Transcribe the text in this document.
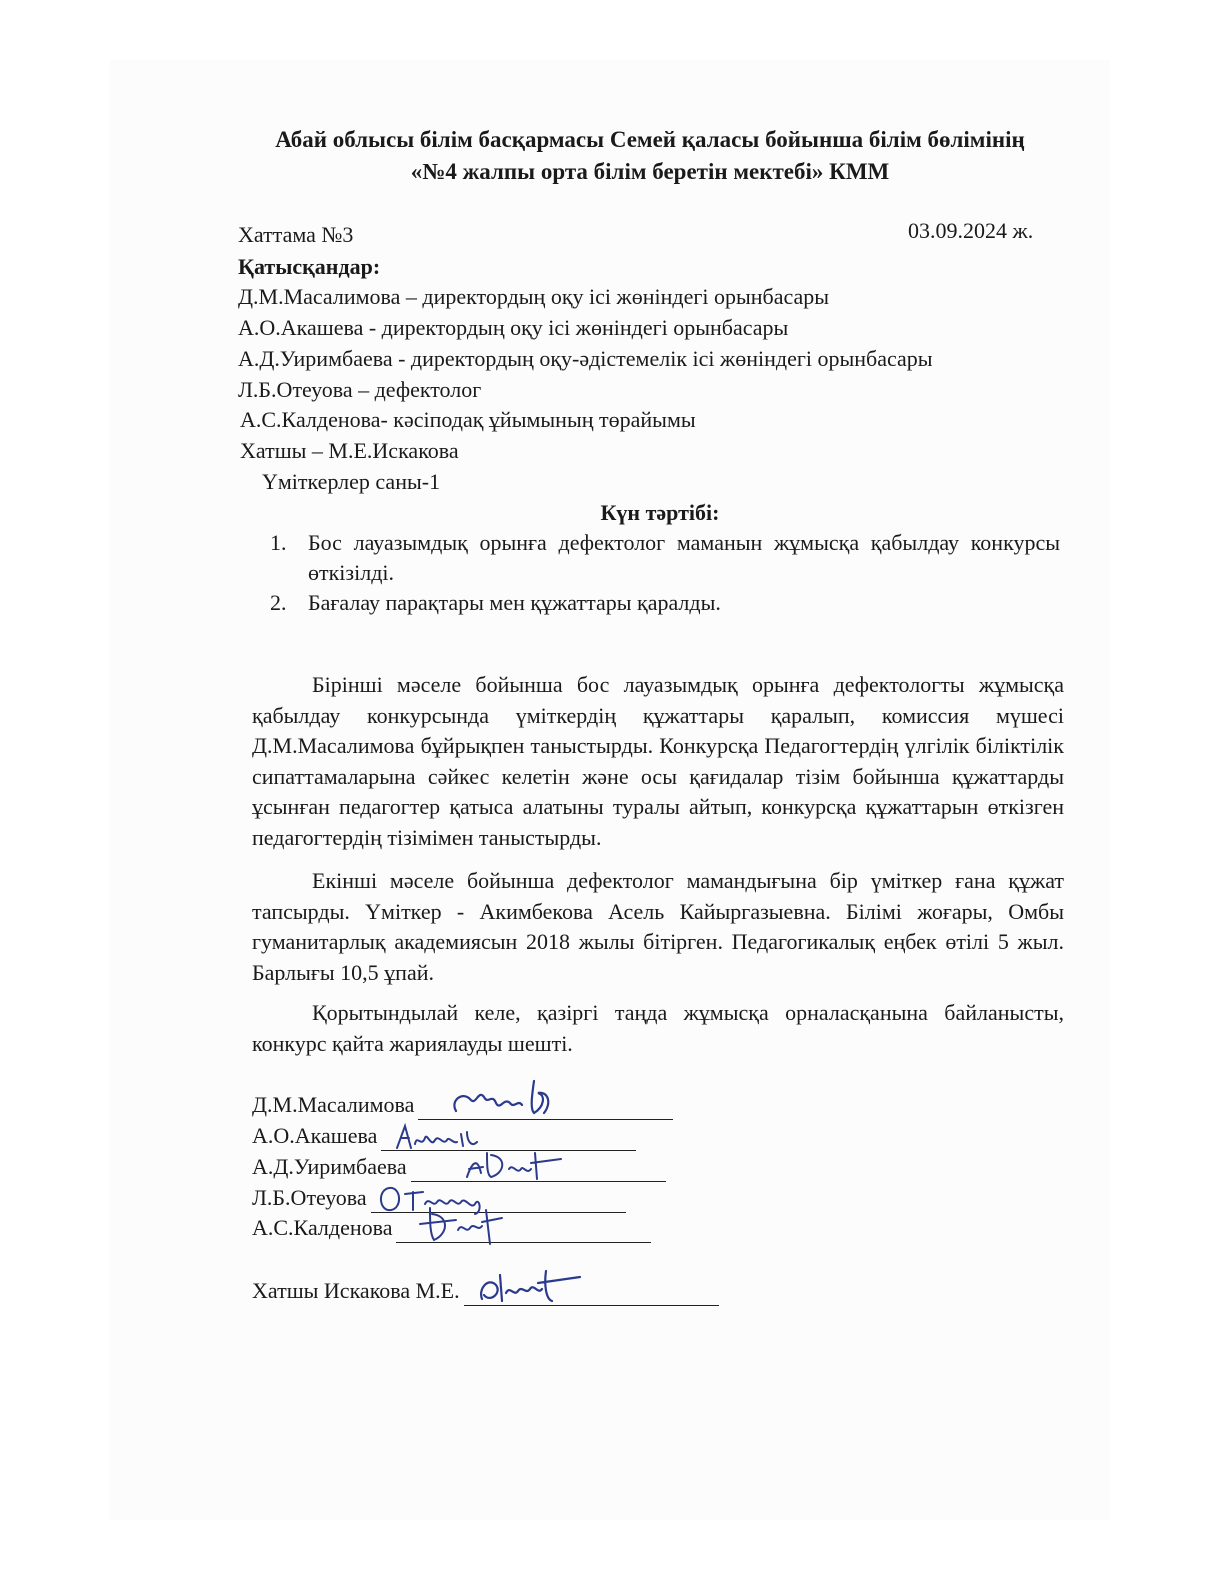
Абай облысы білім басқармасы Семей қаласы бойынша білім бөлімінің
«№4 жалпы орта білім беретін мектебі» КММ
Хаттама №3	03.09.2024 ж.
Қатысқандар:
Д.М.Масалимова – директордың оқу ісі жөніндегі орынбасары
А.О.Акашева - директордың оқу ісі жөніндегі орынбасары
А.Д.Уиримбаева - директордың оқу-әдістемелік ісі жөніндегі орынбасары
Л.Б.Отеуова – дефектолог
А.С.Калденова- кәсіподақ ұйымының төрайымы
Хатшы – М.Е.Искакова
Үміткерлер саны-1
Күн тәртібі:
1. Бос лауазымдық орынға дефектолог маманын жұмысқа қабылдау конкурсы өткізілді.
2. Бағалау парақтары мен құжаттары қаралды.
Бірінші мәселе бойынша бос лауазымдық орынға дефектологты жұмысқа қабылдау конкурсында үміткердің құжаттары қаралып, комиссия мүшесі Д.М.Масалимова бұйрықпен таныстырды. Конкурсқа Педагогтердің үлгілік біліктілік сипаттамаларына сәйкес келетін және осы қағидалар тізім бойынша құжаттарды ұсынған педагогтер қатыса алатыны туралы айтып, конкурсқа құжаттарын өткізген педагогтердің тізімімен таныстырды.
Екінші мәселе бойынша дефектолог мамандығына бір үміткер ғана құжат тапсырды. Үміткер - Акимбекова Асель Кайыргазыевна. Білімі жоғары, Омбы гуманитарлық академиясын 2018 жылы бітірген. Педагогикалық еңбек өтілі 5 жыл. Барлығы 10,5 ұпай.
Қорытындылай келе, қазіргі таңда жұмысқа орналасқанына байланысты, конкурс қайта жариялауды шешті.
Д.М.Масалимова
А.О.Акашева
А.Д.Уиримбаева
Л.Б.Отеуова
А.С.Калденова
Хатшы Искакова М.Е.
